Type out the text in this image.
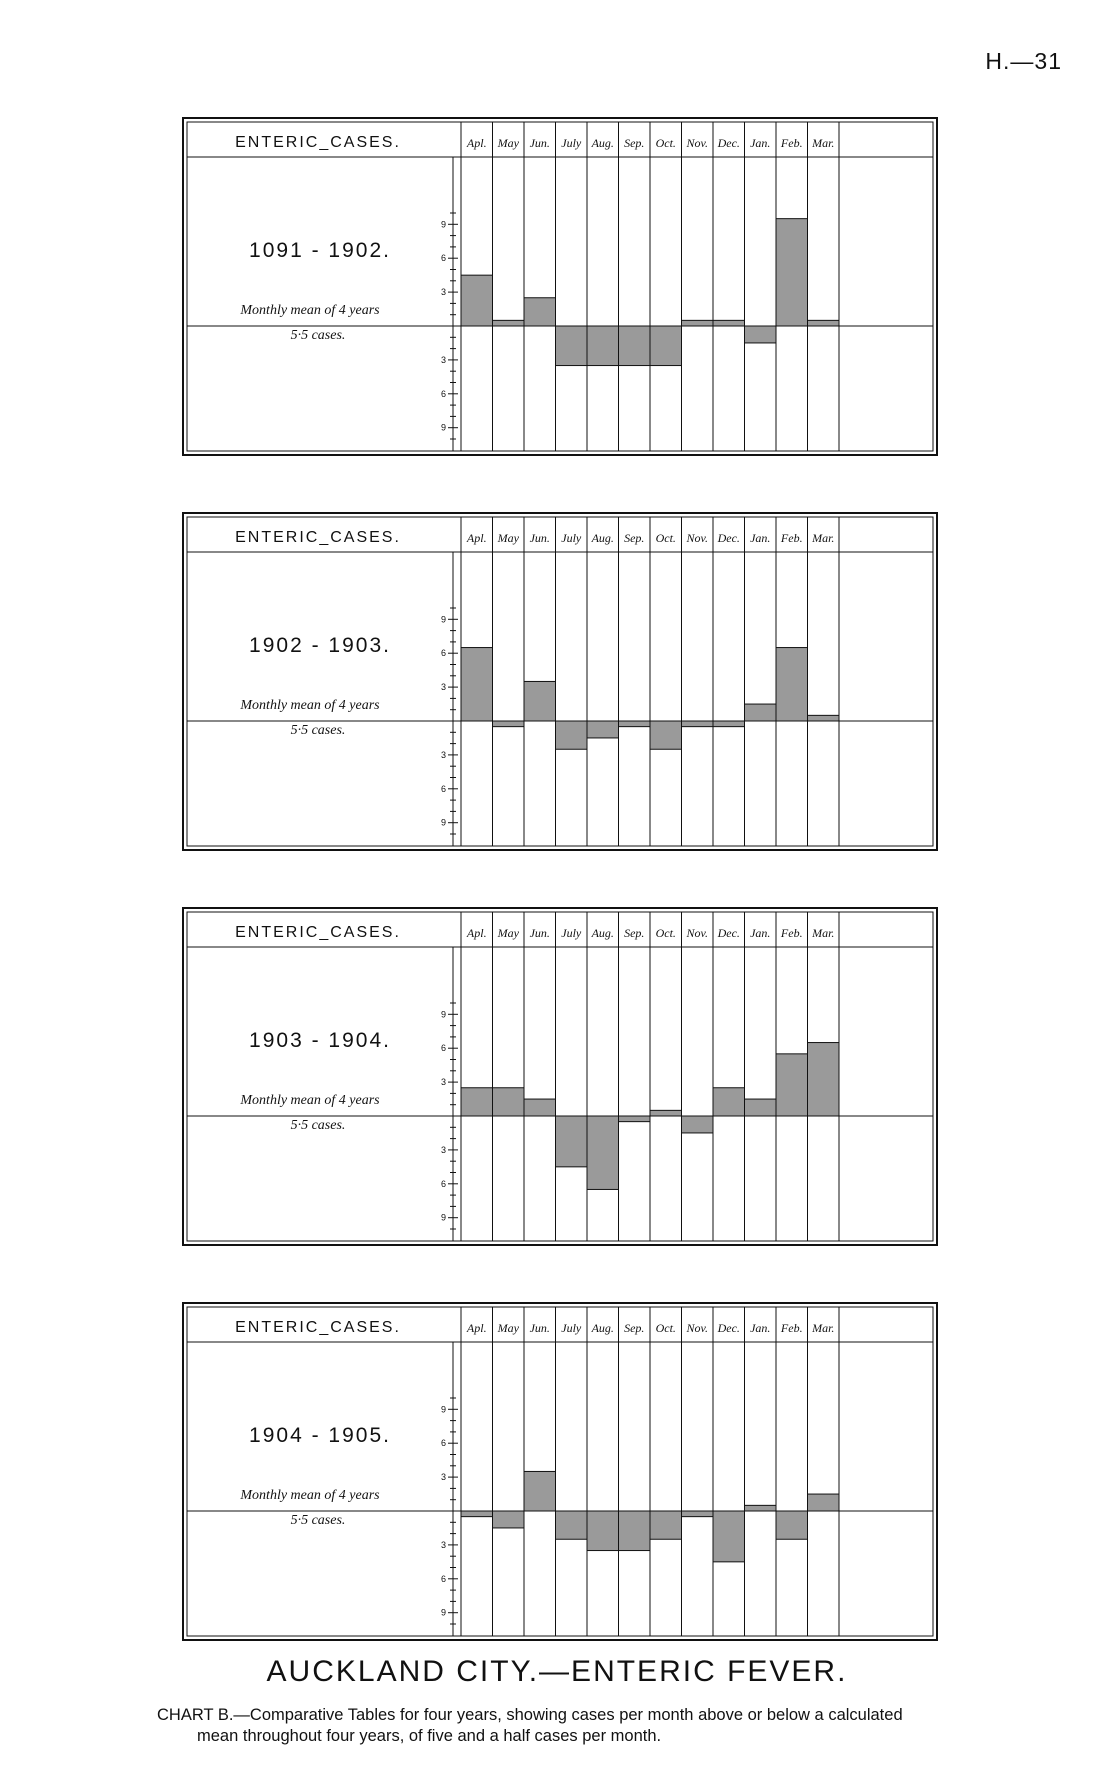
H.—31
ENTERIC_CASES.	Apl. May Jun. July Aug. Sep. Oct. Nov. Dec. Jan. Feb. Mar.
9
6
3
3
6
9
1091 - 1902.
Monthly mean of 4 years
5·5 cases.
ENTERIC_CASES.	Apl. May Jun. July Aug. Sep. Oct. Nov. Dec. Jan. Feb. Mar.
9
6
3
3
6
9
1902 - 1903.
Monthly mean of 4 years
5·5 cases.
ENTERIC_CASES.	Apl. May Jun. July Aug. Sep. Oct. Nov. Dec. Jan. Feb. Mar.
9
6
3
3
6
9
1903 - 1904.
Monthly mean of 4 years
5·5 cases.
ENTERIC_CASES.	Apl. May Jun. July Aug. Sep. Oct. Nov. Dec. Jan. Feb. Mar.
9
6
3
3
6
9
1904 - 1905.
Monthly mean of 4 years
5·5 cases.
AUCKLAND CITY.—ENTERIC FEVER.
CHART B.—Comparative Tables for four years, showing cases per month above or below a calculated
mean throughout four years, of five and a half cases per month.
